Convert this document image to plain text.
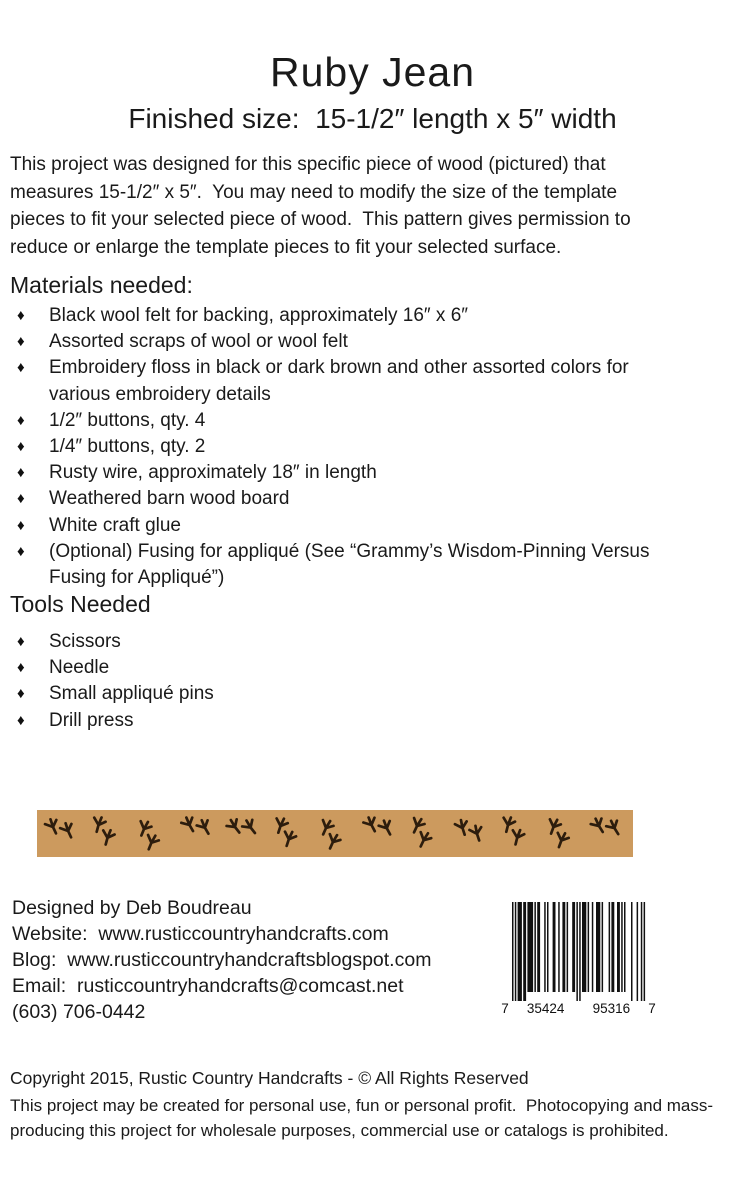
Ruby Jean
Finished size:  15-1/2″ length x 5″ width
This project was designed for this specific piece of wood (pictured) that measures 15-1/2″ x 5″.  You may need to modify the size of the template pieces to fit your selected piece of wood.  This pattern gives permission to reduce or enlarge the template pieces to fit your selected surface.
Materials needed:
♦	Black wool felt for backing, approximately 16″ x 6″
♦	Assorted scraps of wool or wool felt
♦	Embroidery floss in black or dark brown and other assorted colors for various embroidery details
♦	1/2″ buttons, qty. 4
♦	1/4″ buttons, qty. 2
♦	Rusty wire, approximately 18″ in length
♦	Weathered barn wood board
♦	White craft glue
♦	(Optional) Fusing for appliqué (See “Grammy’s Wisdom-Pinning Versus Fusing for Appliqué”)
Tools Needed
♦	Scissors
♦	Needle
♦	Small appliqué pins
♦	Drill press
Designed by Deb Boudreau
Website:  www.rusticcountryhandcrafts.com
Blog:  www.rusticcountryhandcraftsblogspot.com
Email:  rusticcountryhandcrafts@comcast.net
(603) 706-0442	7 35424 95316 7
Copyright 2015, Rustic Country Handcrafts - © All Rights Reserved
This project may be created for personal use, fun or personal profit.  Photocopying and mass-producing this project for wholesale purposes, commercial use or catalogs is prohibited.
